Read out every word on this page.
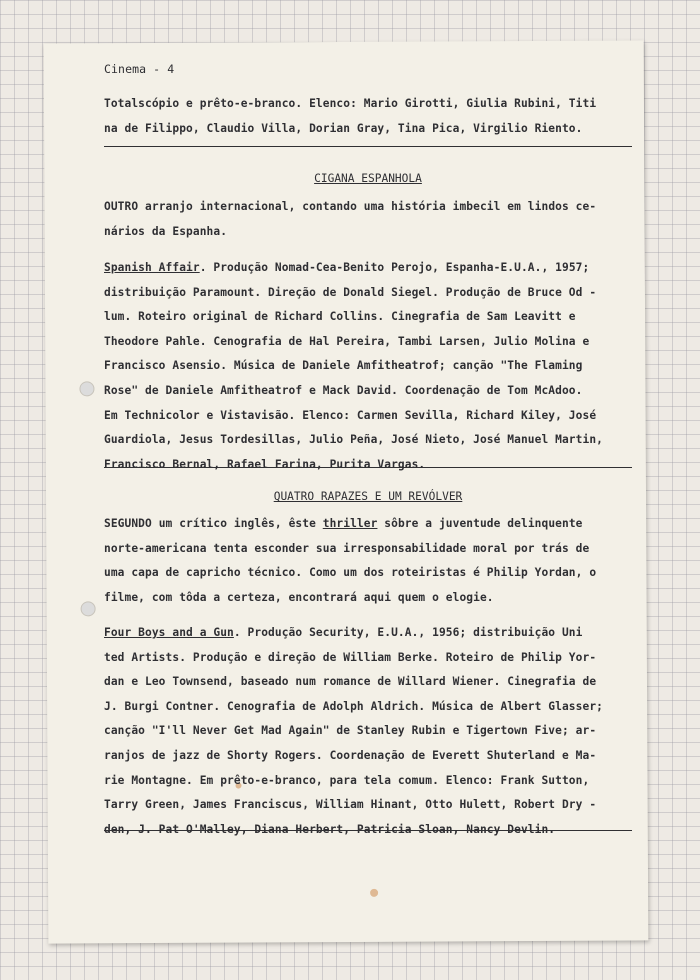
Cinema - 4

Totalscópio e prêto-e-branco. Elenco: Mario Girotti, Giulia Rubini, Titi

na de Filippo, Claudio Villa, Dorian Gray, Tina Pica, Virgilio Riento.

CIGANA ESPANHOLA

OUTRO arranjo internacional, contando uma história imbecil em lindos ce-

nários da Espanha.

Spanish Affair. Produção Nomad-Cea-Benito Perojo, Espanha-E.U.A., 1957;

distribuição Paramount. Direção de Donald Siegel. Produção de Bruce Od -

lum. Roteiro original de Richard Collins. Cinegrafia de Sam Leavitt e

Theodore Pahle. Cenografia de Hal Pereira, Tambi Larsen, Julio Molina e

Francisco Asensio. Música de Daniele Amfitheatrof; canção "The Flaming

Rose" de Daniele Amfitheatrof e Mack David. Coordenação de Tom McAdoo.

Em Technicolor e Vistavisão. Elenco: Carmen Sevilla, Richard Kiley, José

Guardiola, Jesus Tordesillas, Julio Peña, José Nieto, José Manuel Martin,

Francisco Bernal, Rafael Farina, Purita Vargas.

QUATRO RAPAZES E UM REVÓLVER

SEGUNDO um crítico inglês, êste thriller sôbre a juventude delinquente

norte-americana tenta esconder sua irresponsabilidade moral por trás de

uma capa de capricho técnico. Como um dos roteiristas é Philip Yordan, o

filme, com tôda a certeza, encontrará aqui quem o elogie.

Four Boys and a Gun. Produção Security, E.U.A., 1956; distribuição Uni

ted Artists. Produção e direção de William Berke. Roteiro de Philip Yor-

dan e Leo Townsend, baseado num romance de Willard Wiener. Cinegrafia de

J. Burgi Contner. Cenografia de Adolph Aldrich. Música de Albert Glasser;

canção "I'll Never Get Mad Again" de Stanley Rubin e Tigertown Five; ar-

ranjos de jazz de Shorty Rogers. Coordenação de Everett Shuterland e Ma-

rie Montagne. Em prêto-e-branco, para tela comum. Elenco: Frank Sutton,

Tarry Green, James Franciscus, William Hinant, Otto Hulett, Robert Dry -

den, J. Pat O'Malley, Diana Herbert, Patricia Sloan, Nancy Devlin.
